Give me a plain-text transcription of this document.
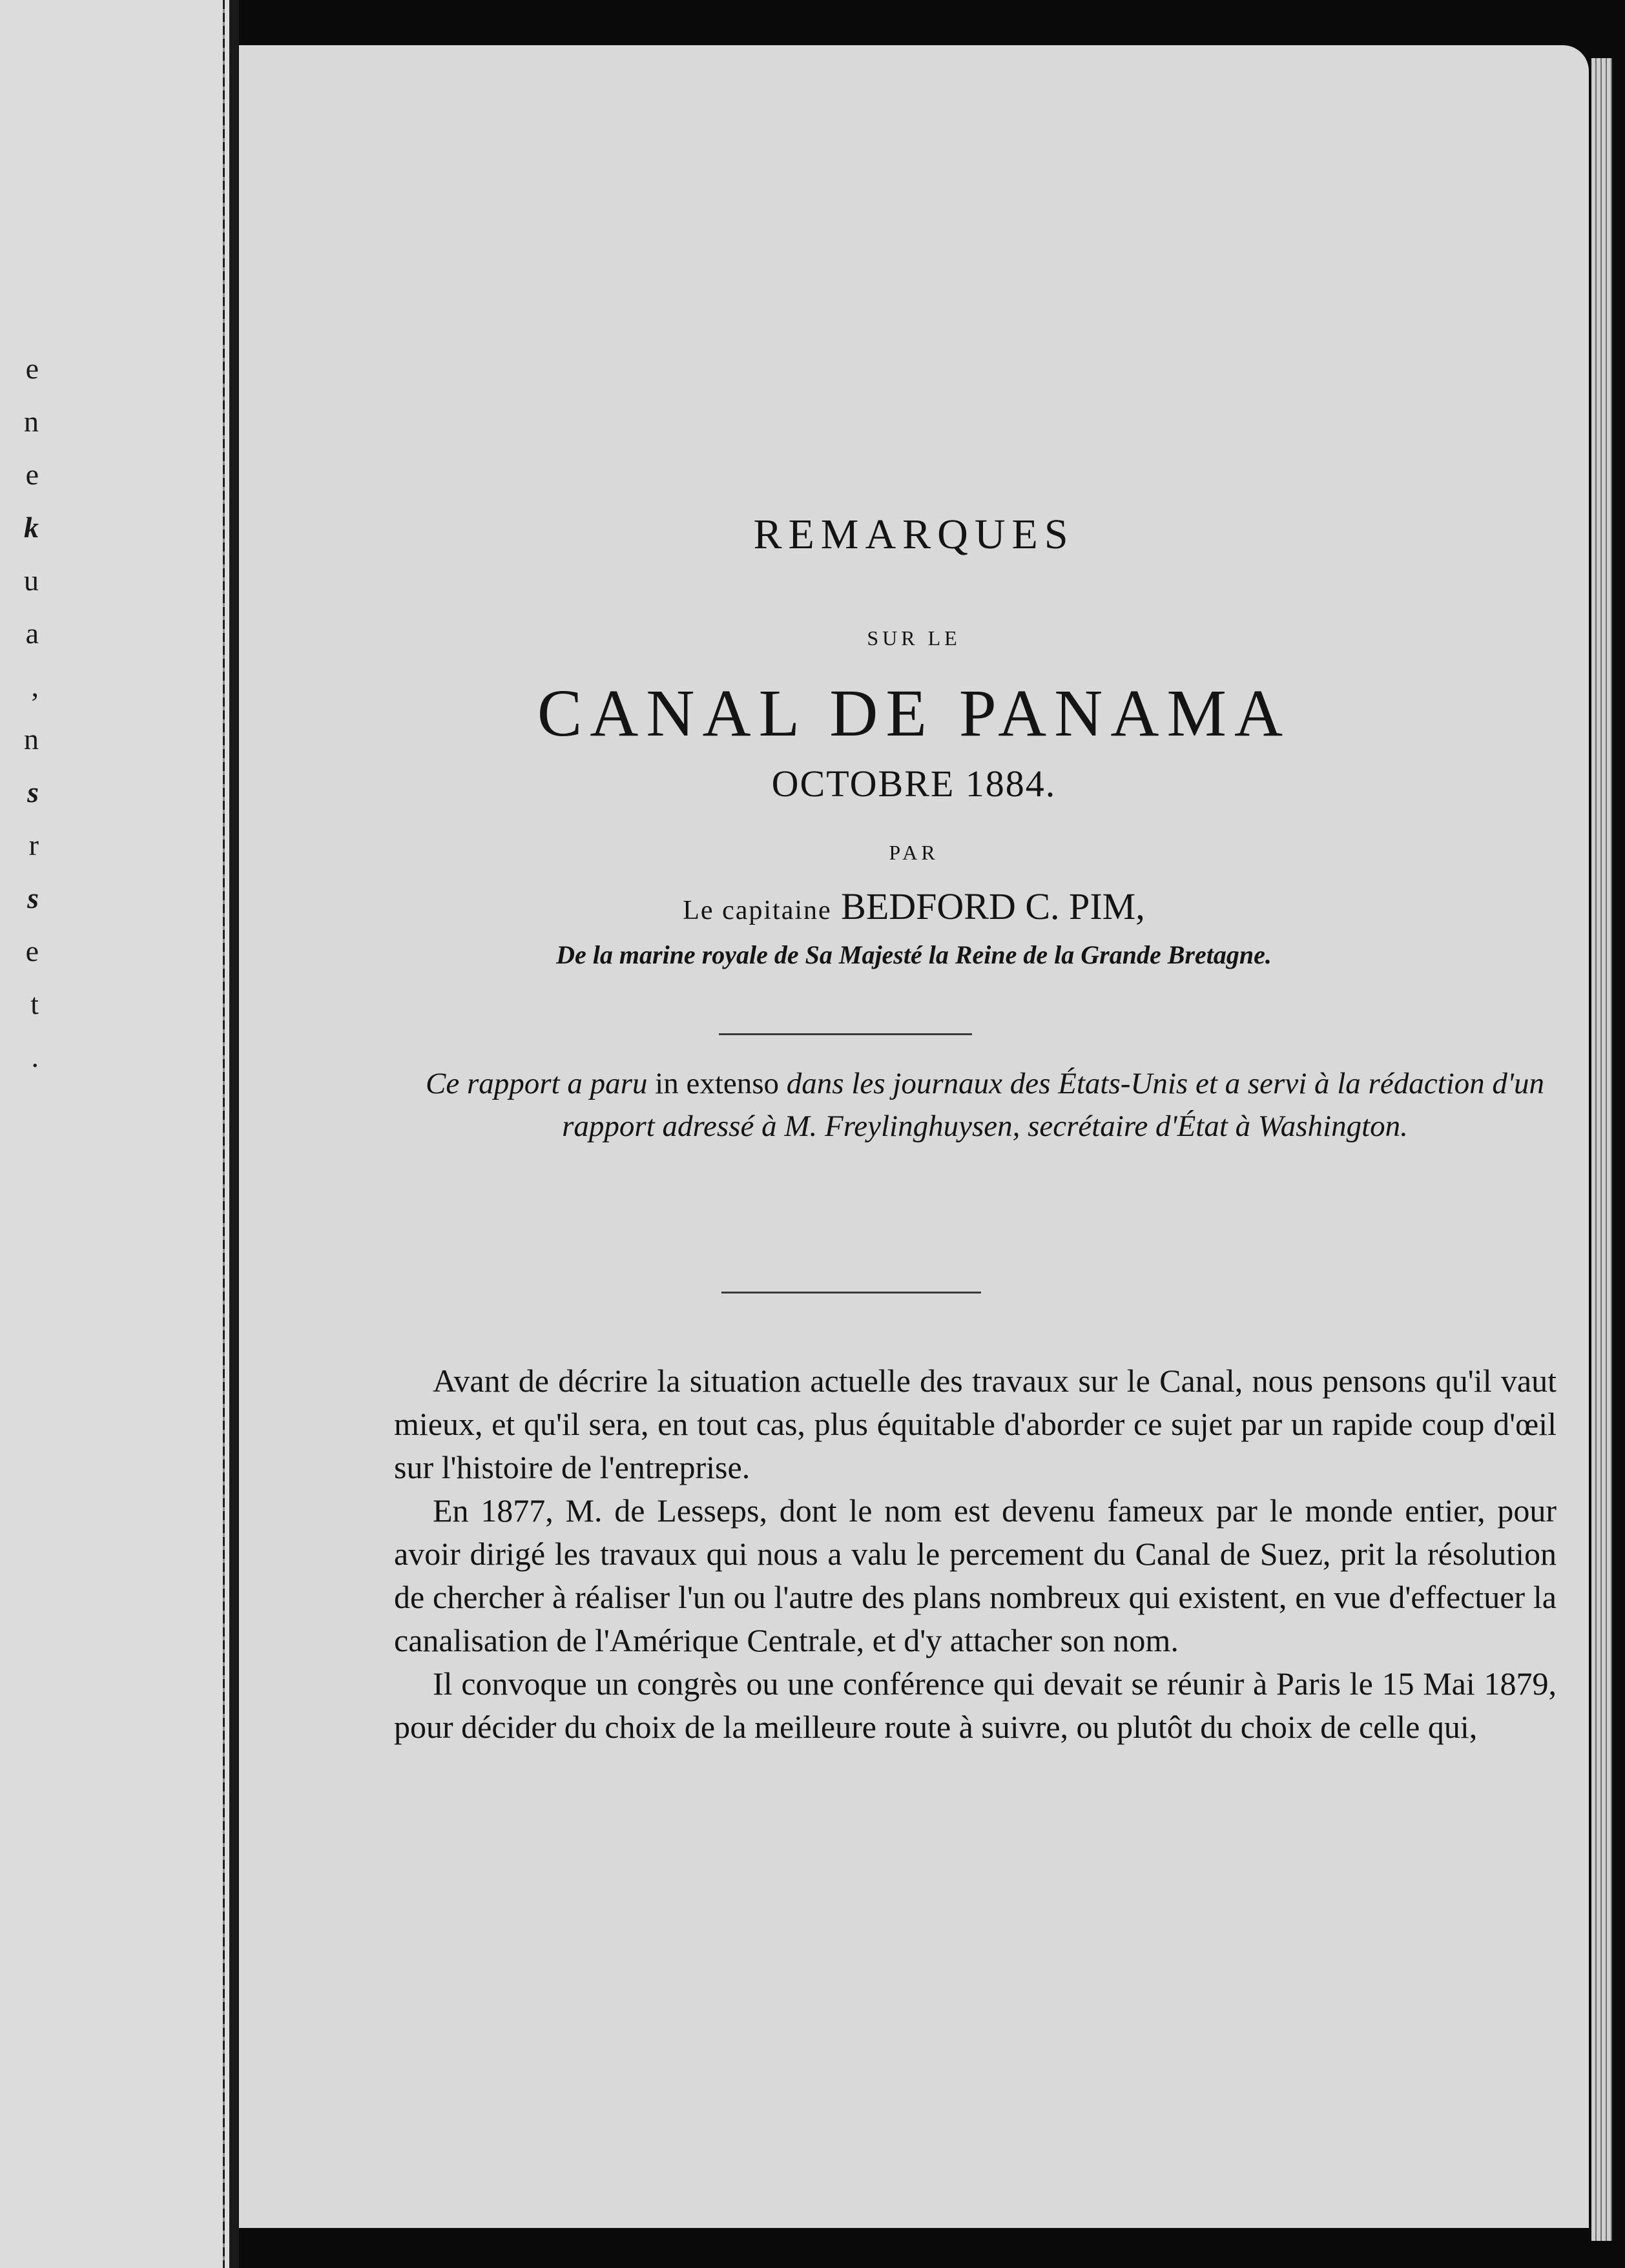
e
n
e
k
u
a
,
n
s
r
s
e
t
.
REMARQUES
SUR LE
CANAL DE PANAMA
OCTOBRE 1884.
PAR
Le capitaine BEDFORD C. PIM,
De la marine royale de Sa Majesté la Reine de la Grande Bretagne.
Ce rapport a paru in extenso dans les journaux des États-Unis et a servi à la rédaction d'un rapport adressé à M. Freylinghuysen, secrétaire d'État à Washington.

Avant de décrire la situation actuelle des travaux sur le Canal, nous pensons qu'il vaut mieux, et qu'il sera, en tout cas, plus équitable d'aborder ce sujet par un rapide coup d'œil sur l'histoire de l'entreprise.

En 1877, M. de Lesseps, dont le nom est devenu fameux par le monde entier, pour avoir dirigé les travaux qui nous a valu le percement du Canal de Suez, prit la résolution de chercher à réaliser l'un ou l'autre des plans nombreux qui existent, en vue d'effectuer la canalisation de l'Amérique Centrale, et d'y attacher son nom.

Il convoque un congrès ou une conférence qui devait se réunir à Paris le 15 Mai 1879, pour décider du choix de la meilleure route à suivre, ou plutôt du choix de celle qui,
